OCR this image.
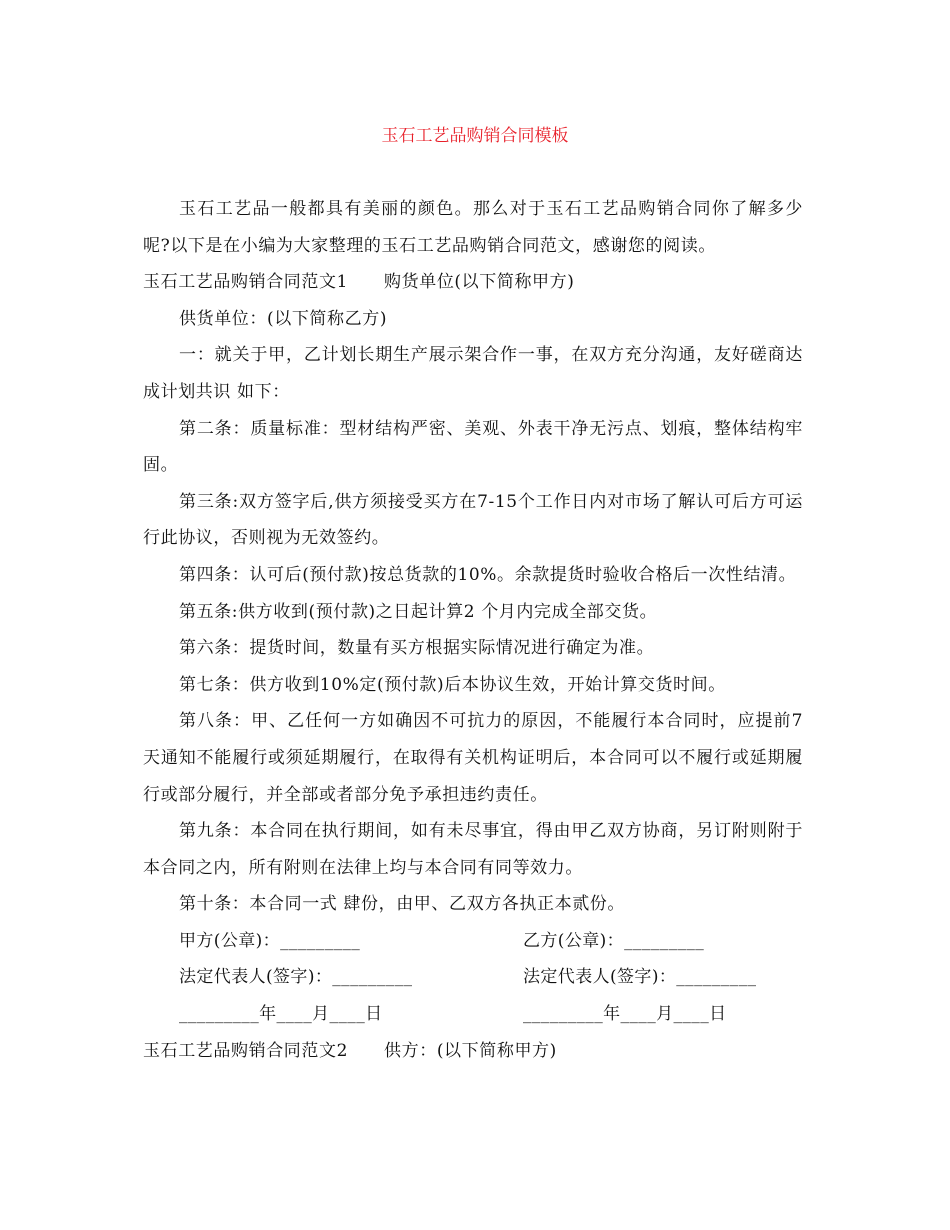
玉石工艺品购销合同模板

玉石工艺品一般都具有美丽的颜色。那么对于玉石工艺品购销合同你了解多少呢?以下是在小编为大家整理的玉石工艺品购销合同范文，感谢您的阅读。

玉石工艺品购销合同范文1 购货单位(以下简称甲方)

供货单位：(以下简称乙方)

一：就关于甲，乙计划长期生产展示架合作一事，在双方充分沟通，友好磋商达成计划共识 如下：

第二条：质量标准：型材结构严密、美观、外表干净无污点、划痕，整体结构牢固。

第三条:双方签字后,供方须接受买方在7-15个工作日内对市场了解认可后方可运行此协议，否则视为无效签约。

第四条：认可后(预付款)按总货款的10%。余款提货时验收合格后一次性结清。

第五条:供方收到(预付款)之日起计算2 个月内完成全部交货。

第六条：提货时间，数量有买方根据实际情况进行确定为准。

第七条：供方收到10%定(预付款)后本协议生效，开始计算交货时间。

第八条：甲、乙任何一方如确因不可抗力的原因，不能履行本合同时，应提前7天通知不能履行或须延期履行，在取得有关机构证明后，本合同可以不履行或延期履行或部分履行，并全部或者部分免予承担违约责任。

第九条：本合同在执行期间，如有未尽事宜，得由甲乙双方协商，另订附则附于本合同之内，所有附则在法律上均与本合同有同等效力。

第十条：本合同一式 肆份，由甲、乙双方各执正本贰份。

甲方(公章)：_________	乙方(公章)：_________
法定代表人(签字)：_________	法定代表人(签字)：_________
_________年____月____日	_________年____月____日

玉石工艺品购销合同范文2 供方：(以下简称甲方)
